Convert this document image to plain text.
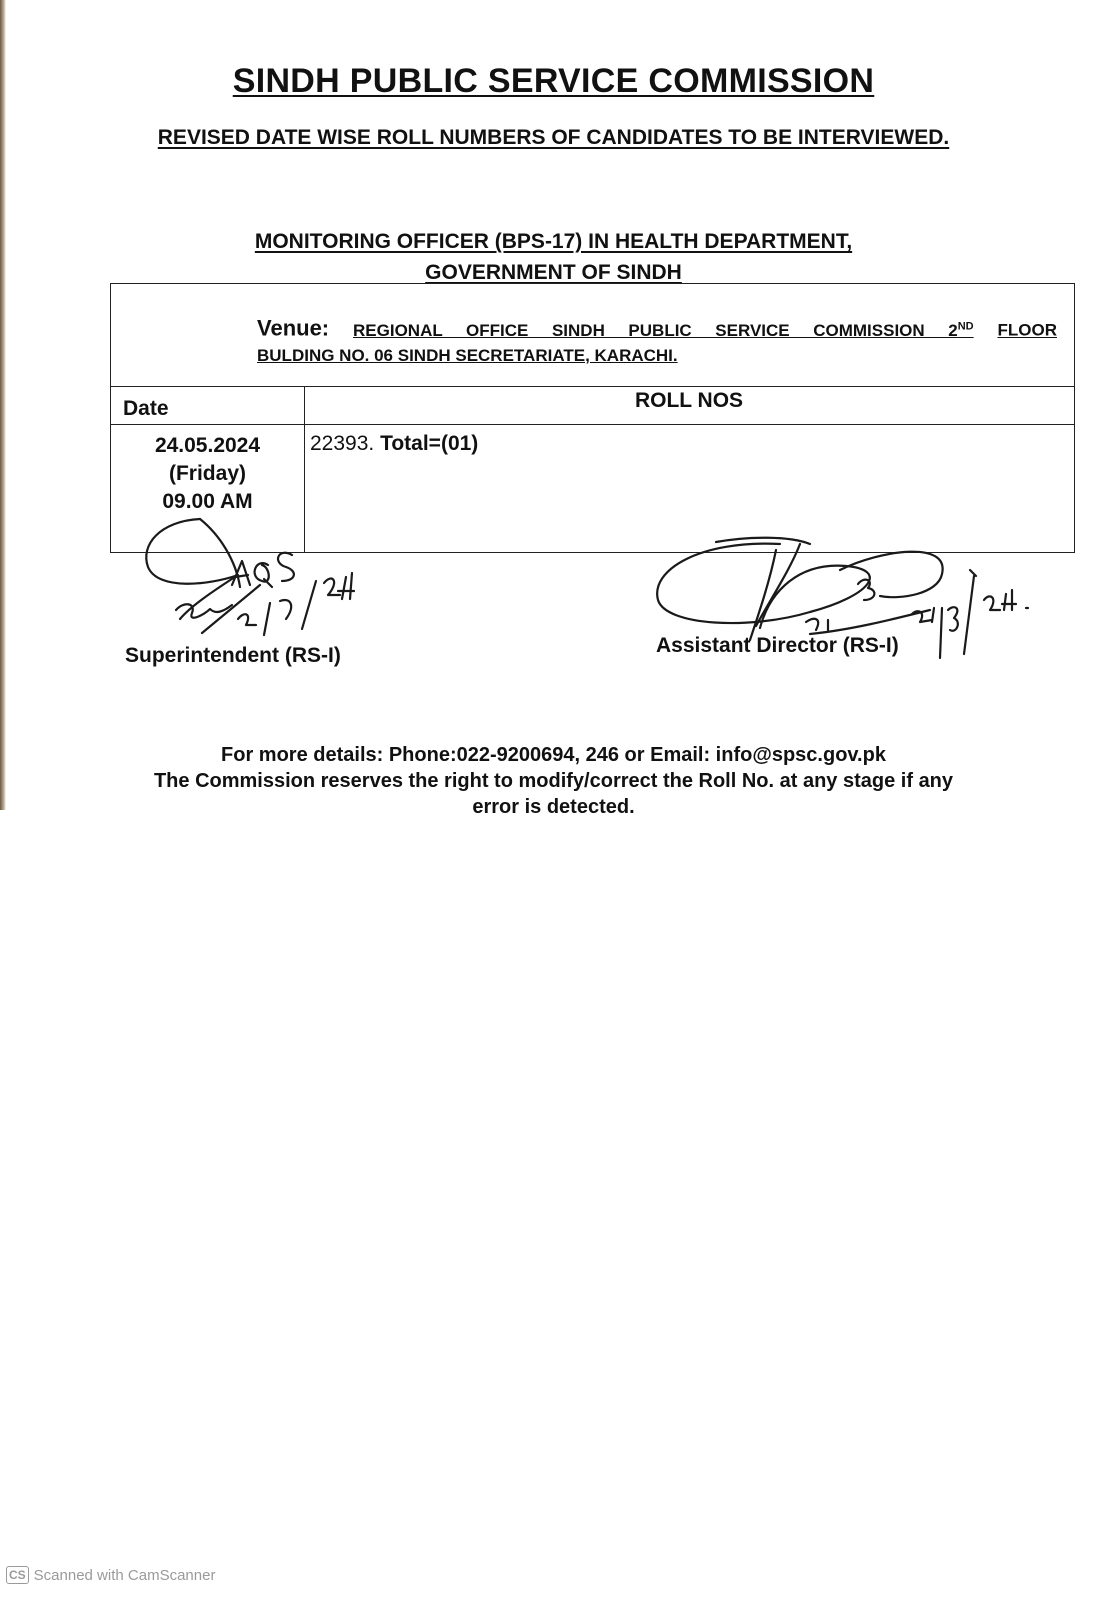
SINDH PUBLIC SERVICE COMMISSION
REVISED DATE WISE ROLL NUMBERS OF CANDIDATES TO BE INTERVIEWED.
MONITORING OFFICER (BPS-17) IN HEALTH DEPARTMENT,
GOVERNMENT OF SINDH
Venue: REGIONAL OFFICE SINDH PUBLIC SERVICE COMMISSION 2ND FLOOR
BULDING NO. 06 SINDH SECRETARIATE, KARACHI.
Date	ROLL NOS
24.05.2024
(Friday)
09.00 AM
22393. Total=(01)
Superintendent (RS-I)	Assistant Director (RS-I)
For more details: Phone:022-9200694, 246 or Email: info@spsc.gov.pk
The Commission reserves the right to modify/correct the Roll No. at any stage if any
error is detected.
CS Scanned with CamScanner
